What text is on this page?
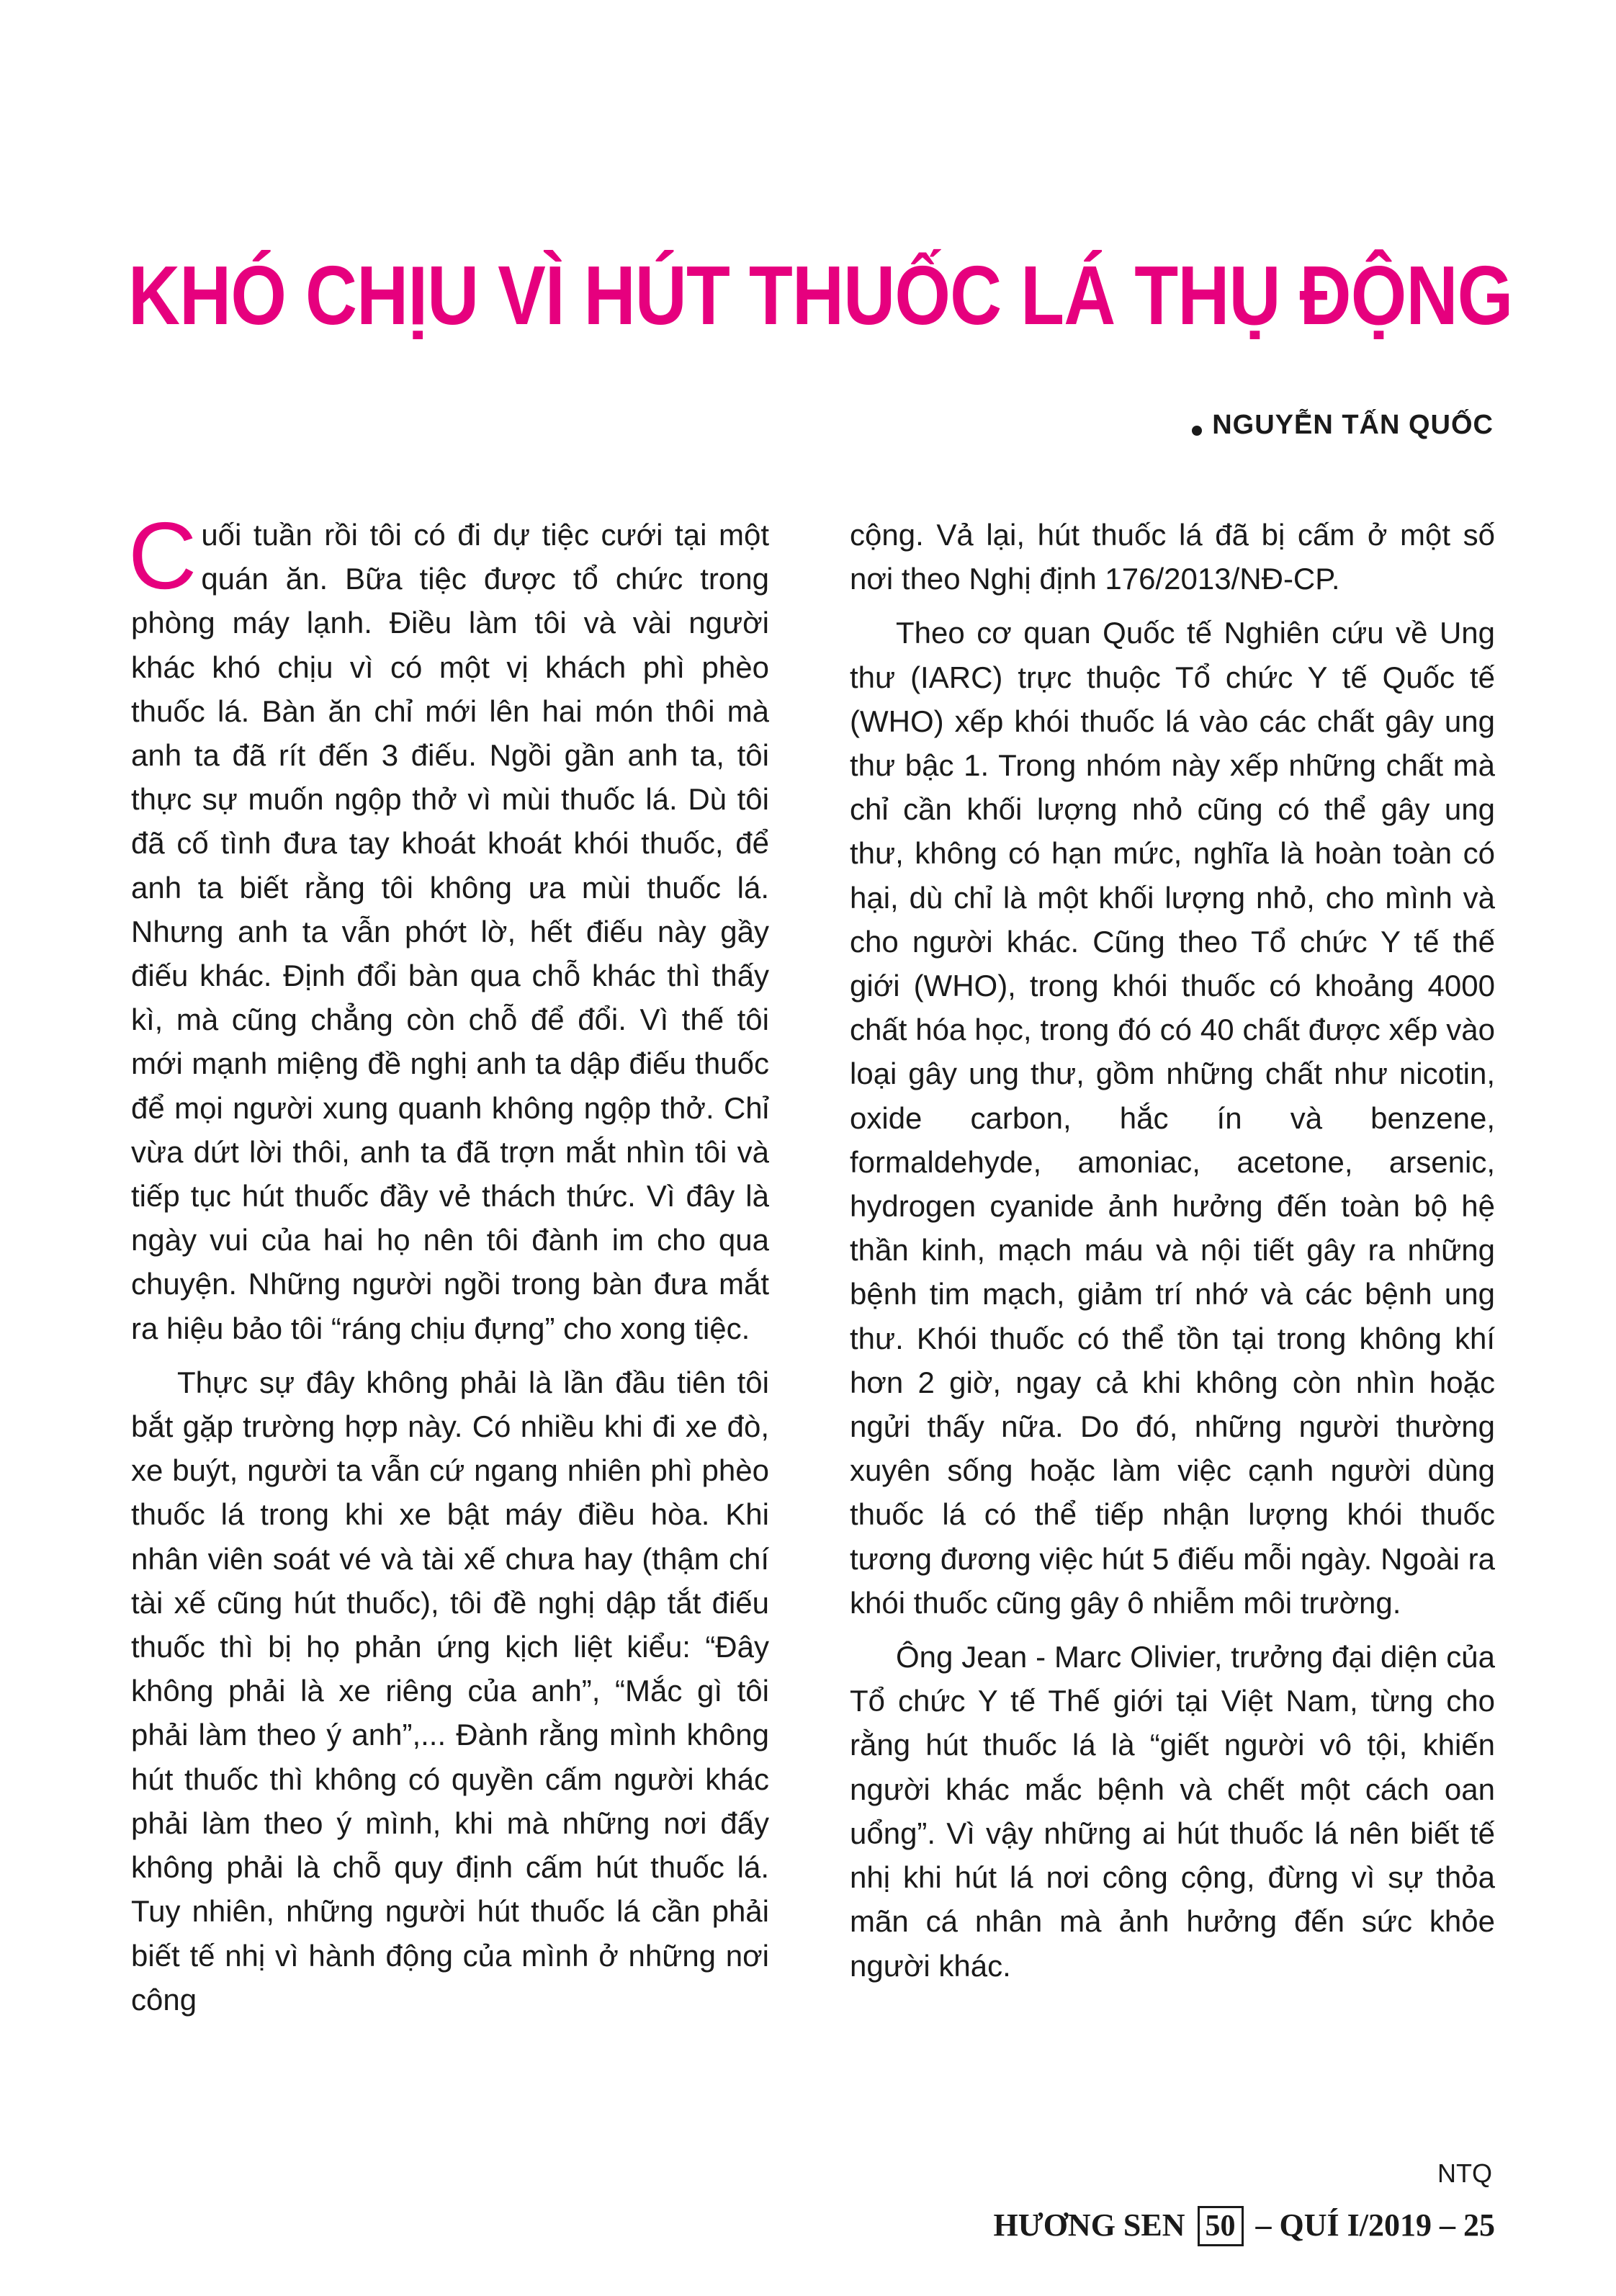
KHÓ CHỊU VÌ HÚT THUỐC LÁ THỤ ĐỘNG
NGUYỄN TẤN QUỐC

Cuối tuần rồi tôi có đi dự tiệc cưới tại một quán ăn. Bữa tiệc được tổ chức trong phòng máy lạnh. Điều làm tôi và vài người khác khó chịu vì có một vị khách phì phèo thuốc lá. Bàn ăn chỉ mới lên hai món thôi mà anh ta đã rít đến 3 điếu. Ngồi gần anh ta, tôi thực sự muốn ngộp thở vì mùi thuốc lá. Dù tôi đã cố tình đưa tay khoát khoát khói thuốc, để anh ta biết rằng tôi không ưa mùi thuốc lá. Nhưng anh ta vẫn phớt lờ, hết điếu này gầy điếu khác. Định đổi bàn qua chỗ khác thì thấy kì, mà cũng chẳng còn chỗ để đổi. Vì thế tôi mới mạnh miệng đề nghị anh ta dập điếu thuốc để mọi người xung quanh không ngộp thở. Chỉ vừa dứt lời thôi, anh ta đã trợn mắt nhìn tôi và tiếp tục hút thuốc đầy vẻ thách thức. Vì đây là ngày vui của hai họ nên tôi đành im cho qua chuyện. Những người ngồi trong bàn đưa mắt ra hiệu bảo tôi “ráng chịu đựng” cho xong tiệc.

Thực sự đây không phải là lần đầu tiên tôi bắt gặp trường hợp này. Có nhiều khi đi xe đò, xe buýt, người ta vẫn cứ ngang nhiên phì phèo thuốc lá trong khi xe bật máy điều hòa. Khi nhân viên soát vé và tài xế chưa hay (thậm chí tài xế cũng hút thuốc), tôi đề nghị dập tắt điếu thuốc thì bị họ phản ứng kịch liệt kiểu: “Đây không phải là xe riêng của anh”, “Mắc gì tôi phải làm theo ý anh”,... Đành rằng mình không hút thuốc thì không có quyền cấm người khác phải làm theo ý mình, khi mà những nơi đấy không phải là chỗ quy định cấm hút thuốc lá. Tuy nhiên, những người hút thuốc lá cần phải biết tế nhị vì hành động của mình ở những nơi công

cộng. Vả lại, hút thuốc lá đã bị cấm ở một số nơi theo Nghị định 176/2013/NĐ-CP.

Theo cơ quan Quốc tế Nghiên cứu về Ung thư (IARC) trực thuộc Tổ chức Y tế Quốc tế (WHO) xếp khói thuốc lá vào các chất gây ung thư bậc 1. Trong nhóm này xếp những chất mà chỉ cần khối lượng nhỏ cũng có thể gây ung thư, không có hạn mức, nghĩa là hoàn toàn có hại, dù chỉ là một khối lượng nhỏ, cho mình và cho người khác. Cũng theo Tổ chức Y tế thế giới (WHO), trong khói thuốc có khoảng 4000 chất hóa học, trong đó có 40 chất được xếp vào loại gây ung thư, gồm những chất như nicotin, oxide carbon, hắc ín và benzene, formaldehyde, amoniac, acetone, arsenic, hydrogen cyanide ảnh hưởng đến toàn bộ hệ thần kinh, mạch máu và nội tiết gây ra những bệnh tim mạch, giảm trí nhớ và các bệnh ung thư. Khói thuốc có thể tồn tại trong không khí hơn 2 giờ, ngay cả khi không còn nhìn hoặc ngửi thấy nữa. Do đó, những người thường xuyên sống hoặc làm việc cạnh người dùng thuốc lá có thể tiếp nhận lượng khói thuốc tương đương việc hút 5 điếu mỗi ngày. Ngoài ra khói thuốc cũng gây ô nhiễm môi trường.

Ông Jean - Marc Olivier, trưởng đại diện của Tổ chức Y tế Thế giới tại Việt Nam, từng cho rằng hút thuốc lá là “giết người vô tội, khiến người khác mắc bệnh và chết một cách oan uổng”. Vì vậy những ai hút thuốc lá nên biết tế nhị khi hút lá nơi công cộng, đừng vì sự thỏa mãn cá nhân mà ảnh hưởng đến sức khỏe người khác.

NTQ
HƯƠNG SEN 50 – QUÍ I/2019 – 25
